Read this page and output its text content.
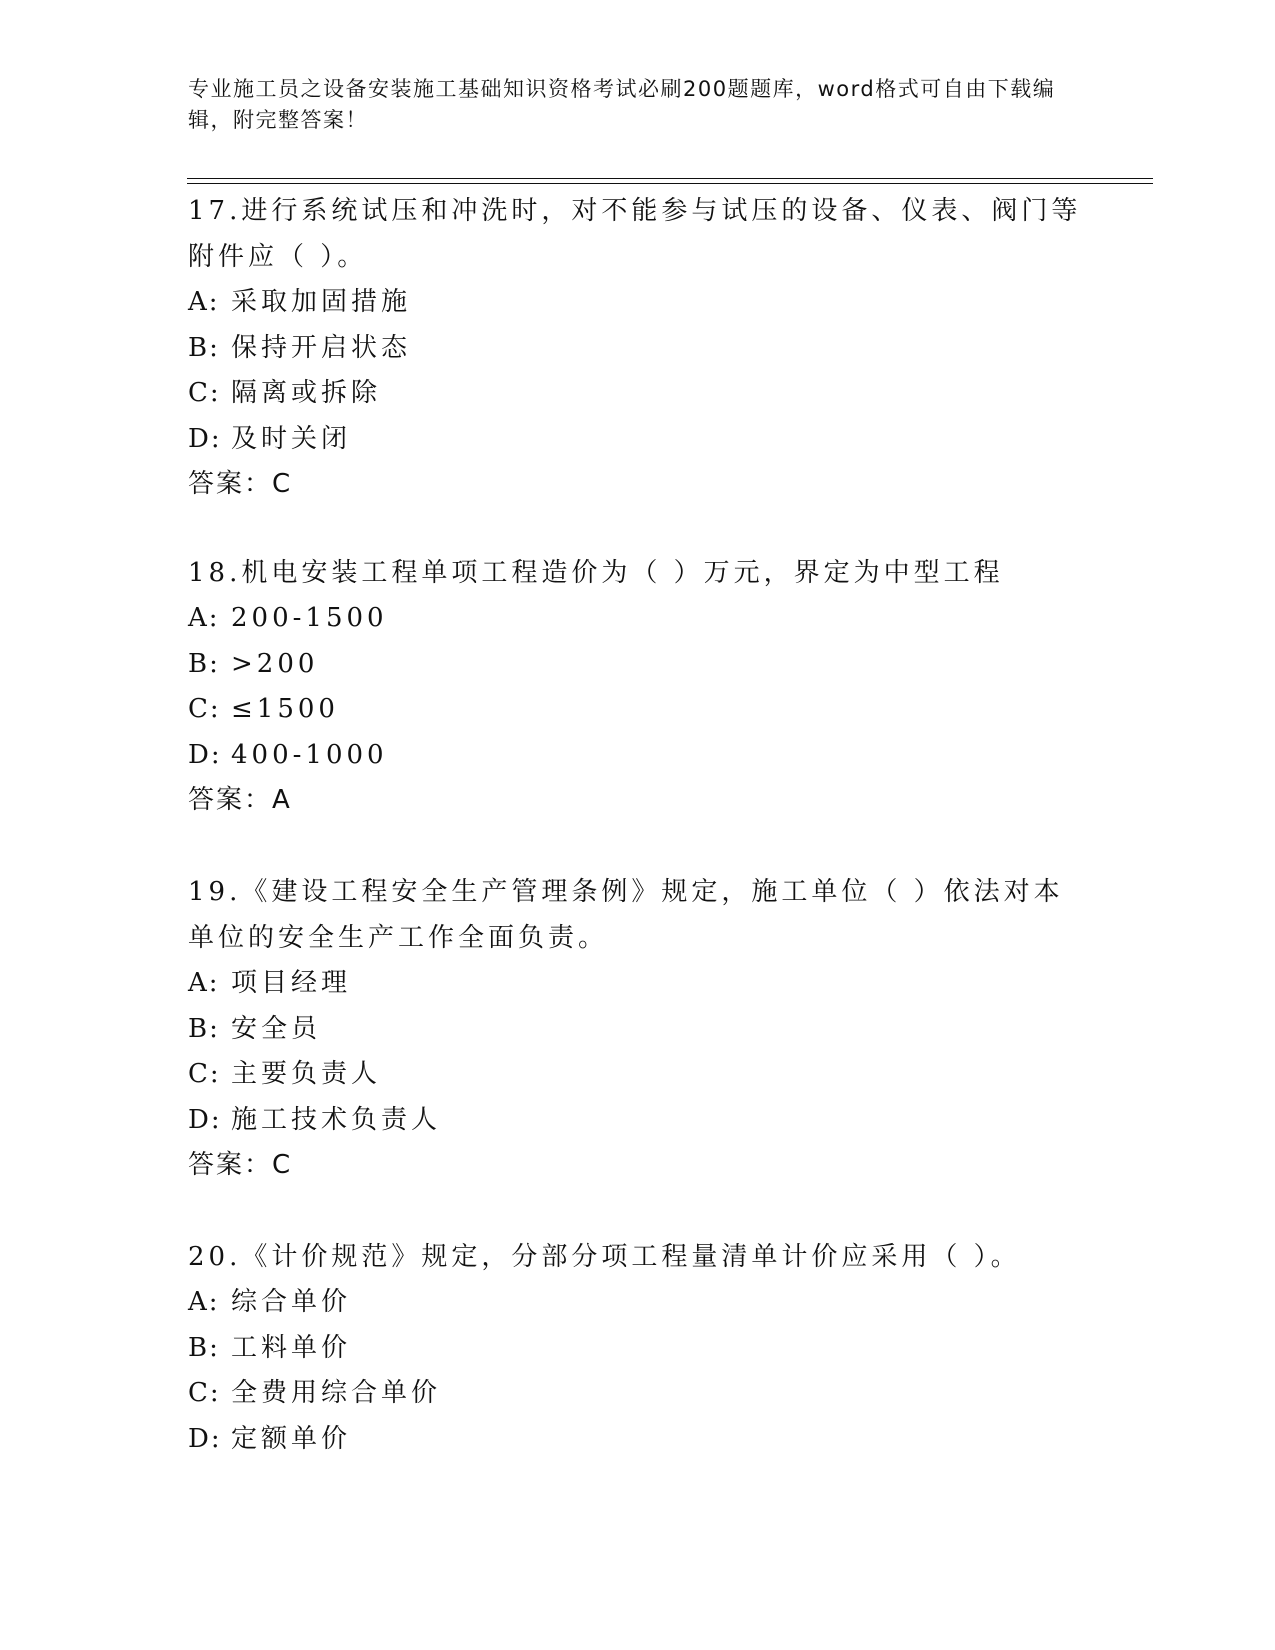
专业施工员之设备安装施工基础知识资格考试必刷200题题库，word格式可自由下载编辑，附完整答案！

17.进行系统试压和冲洗时，对不能参与试压的设备、仪表、阀门等附件应（ ）。

A: 采取加固措施

B: 保持开启状态

C: 隔离或拆除

D: 及时关闭

答案：C

18.机电安装工程单项工程造价为（ ）万元，界定为中型工程

A: 200-1500

B: >200

C: ≤1500

D: 400-1000

答案：A

19.《建设工程安全生产管理条例》规定，施工单位（ ）依法对本单位的安全生产工作全面负责。

A: 项目经理

B: 安全员

C: 主要负责人

D: 施工技术负责人

答案：C

20.《计价规范》规定，分部分项工程量清单计价应采用（ ）。

A: 综合单价

B: 工料单价

C: 全费用综合单价

D: 定额单价
